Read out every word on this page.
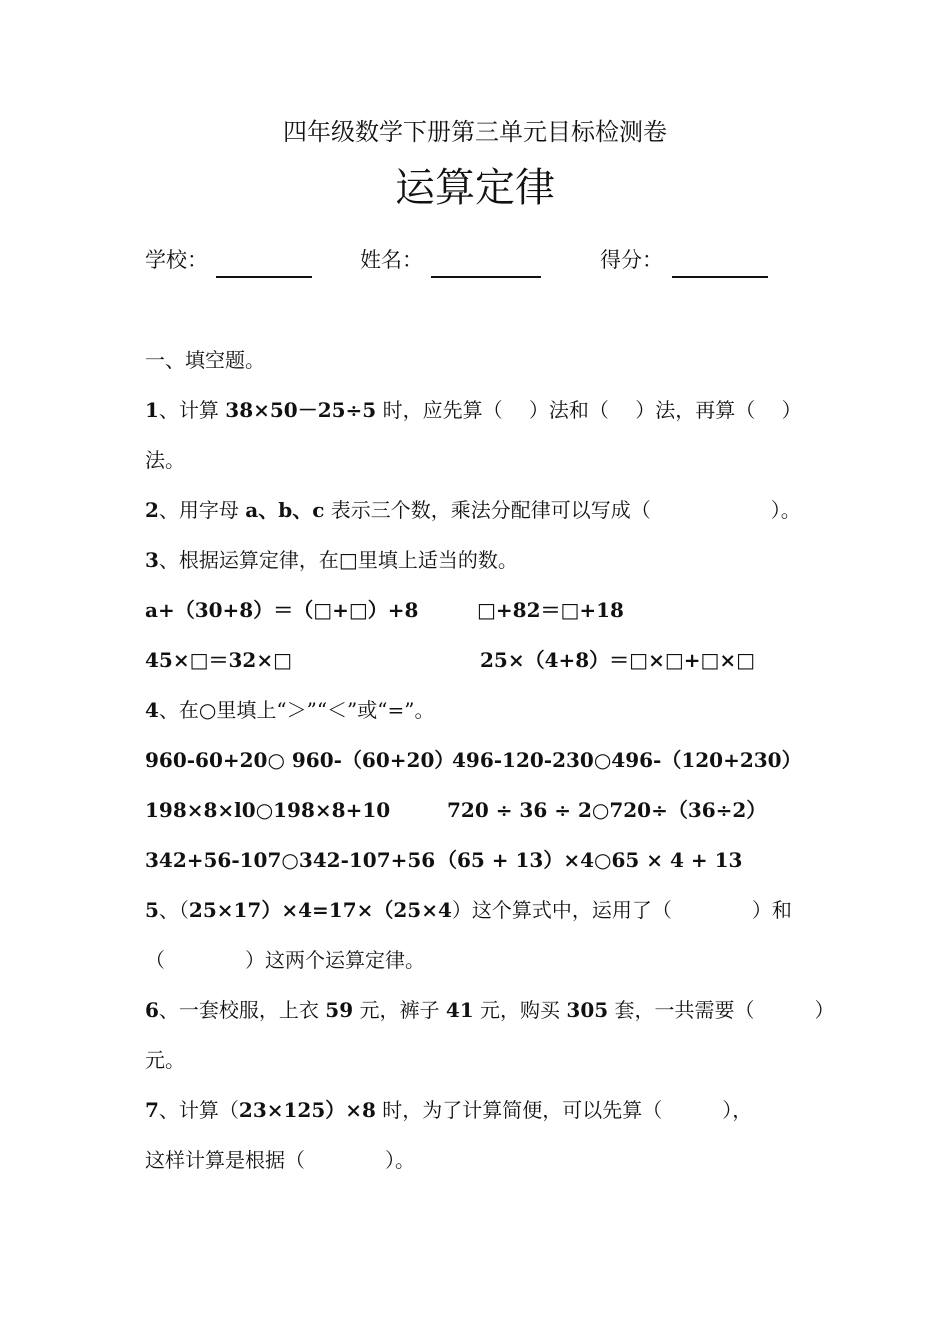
四年级数学下册第三单元目标检测卷
运算定律
学校：	姓名：	得分：
一、填空题。
1、计算 38×50－25÷5 时，应先算（　 ）法和（　 ）法，再算（　 ）
法。
2、用字母 a、b、c 表示三个数，乘法分配律可以写成（　　　　　　）。
3、根据运算定律，在□里填上适当的数。
a+（30+8）＝（□+□）+8	□+82＝□+18
45×□＝32×□	25×（4+8）＝□×□+□×□
4、在○里填上“＞”“＜”或“=”。
960-60+20○ 960-（60+20）
496-120-230○496-（120+230）
198×8×l0○198×8+10	720 ÷ 36 ÷ 2○720÷（36÷2）
342+56-107○342-107+56 （65 + 13）×4○65 × 4 + 13
5、（25×17）×4=17×（25×4）这个算式中，运用了（　　　　）和
（　　　　）这两个运算定律。
6、一套校服，上衣 59 元，裤子 41 元，购买 305 套，一共需要（　　　）
元。
7、计算（23×125）×8 时，为了计算简便，可以先算（　　　），
这样计算是根据（　　　　）。
